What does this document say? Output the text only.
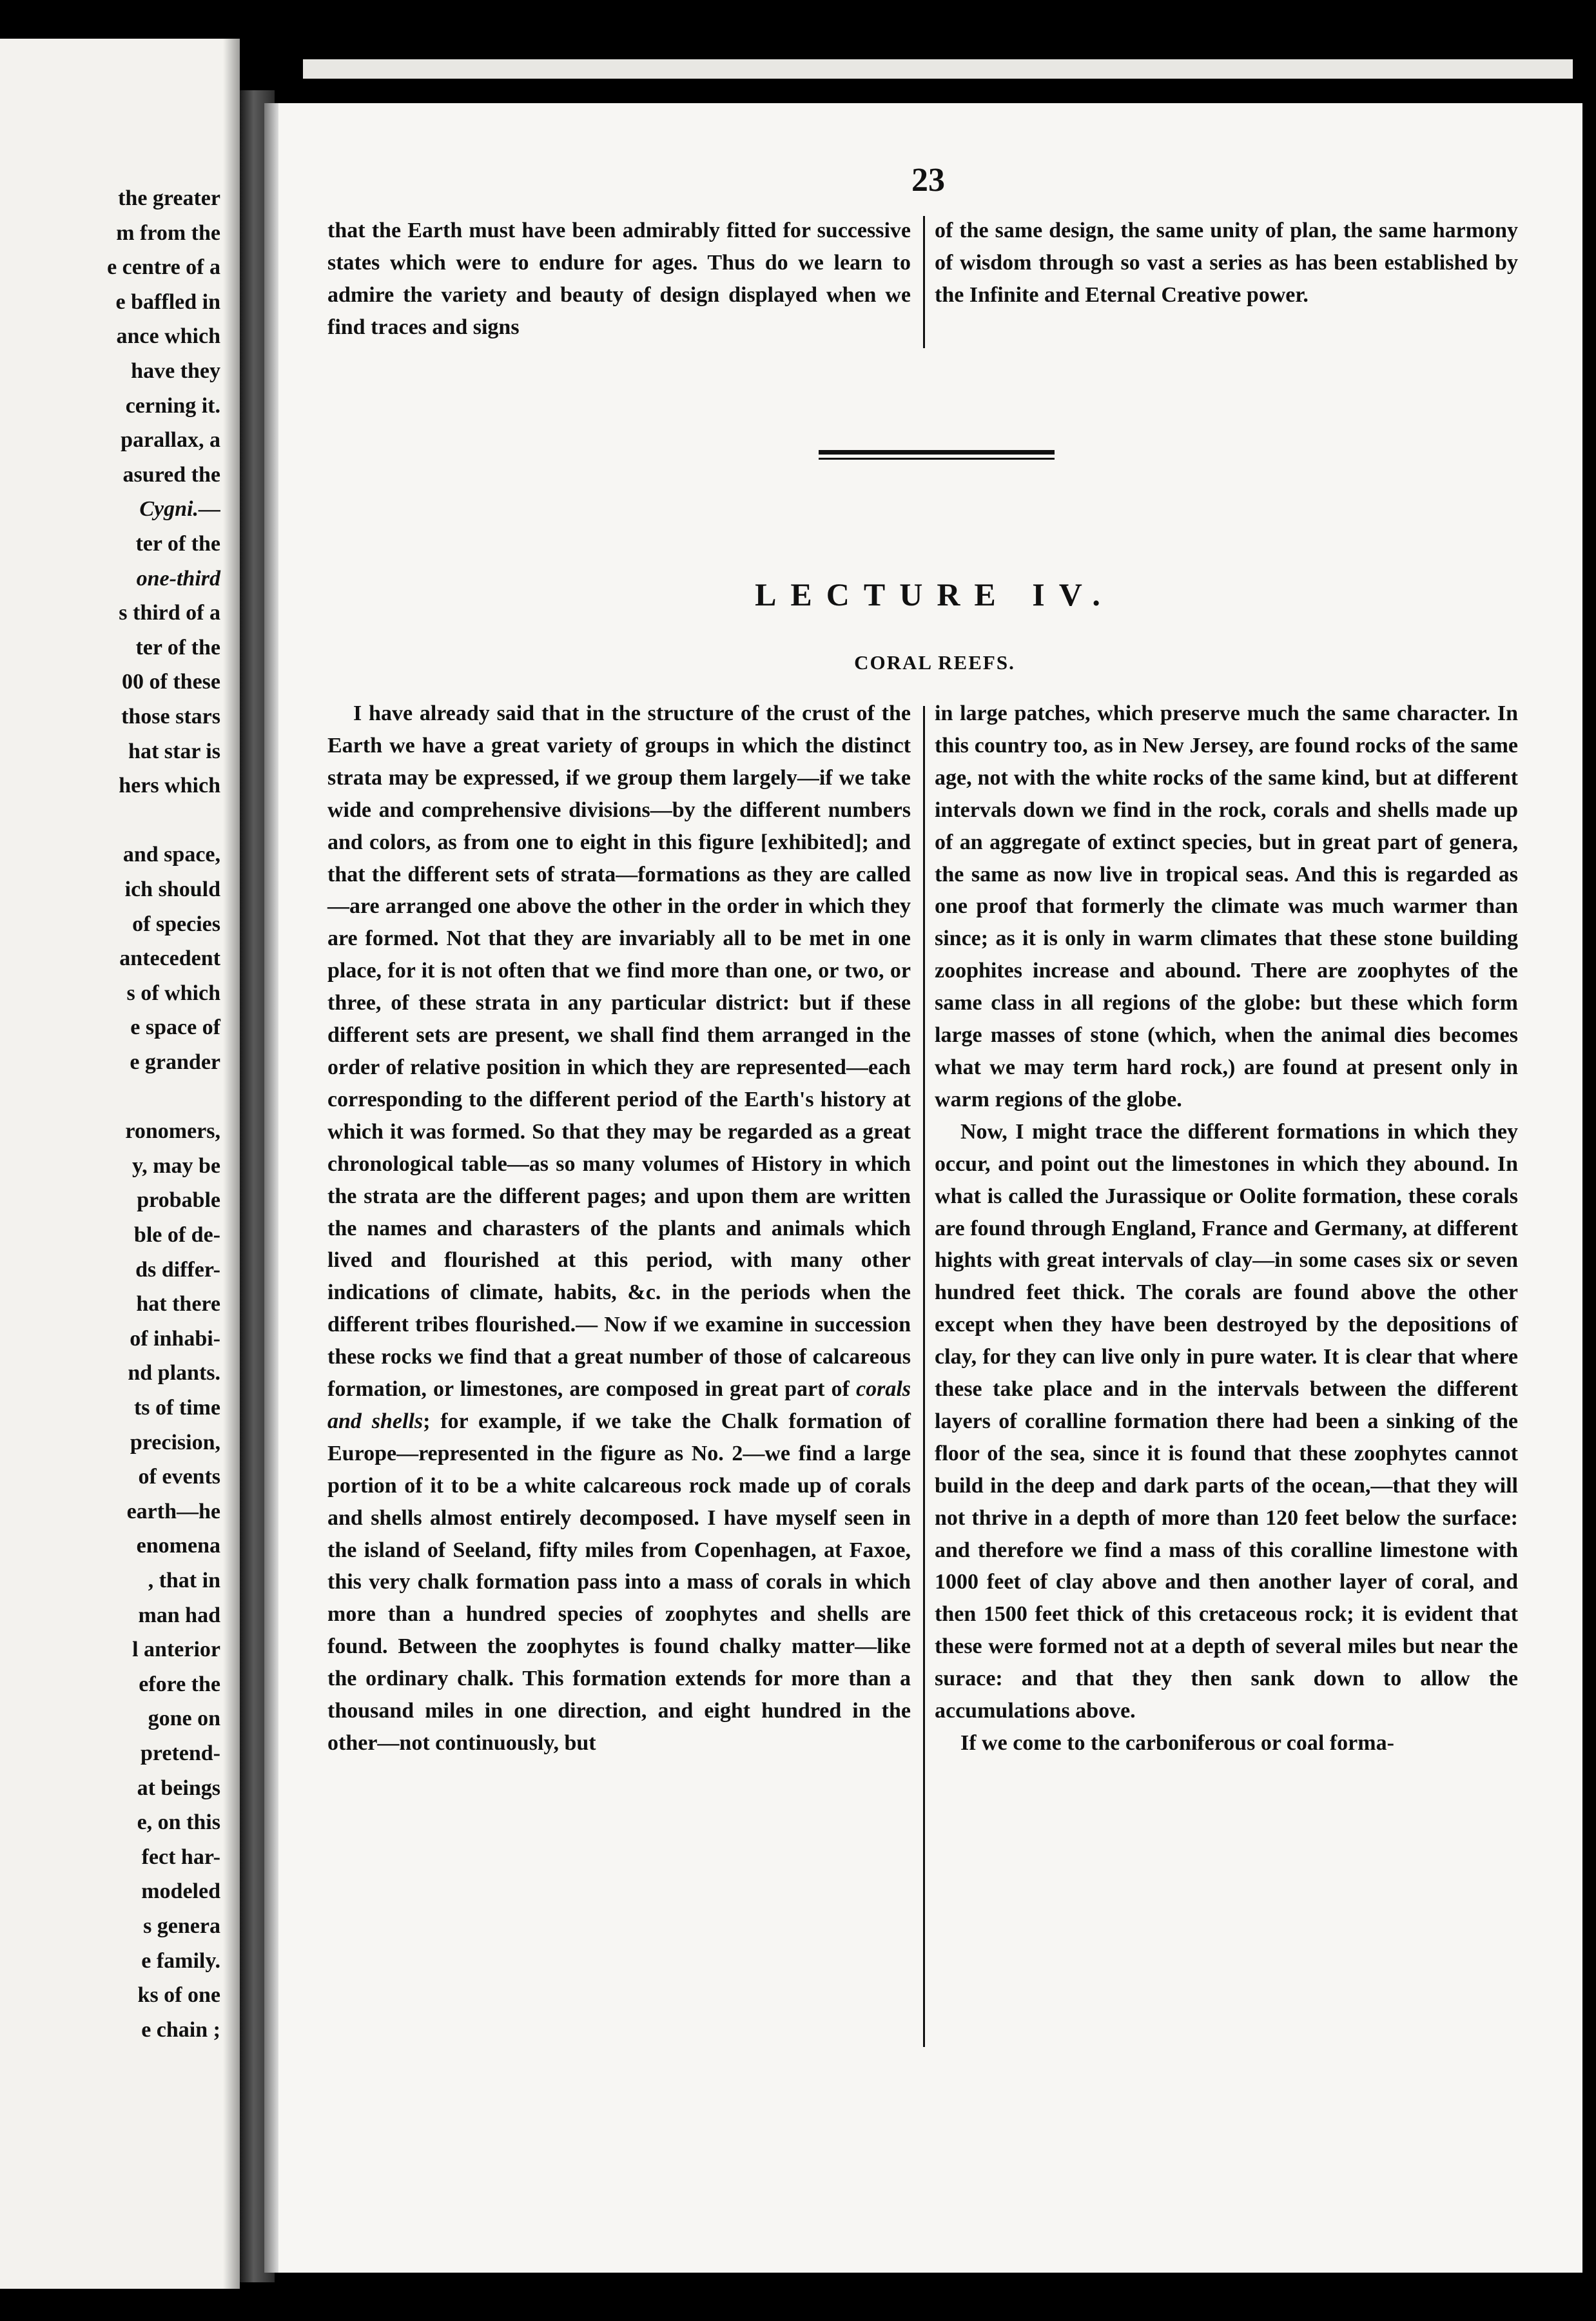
the greater
m from the
e centre of a
e baffled in
ance which
have they
cerning it.
parallax, a
asured the
Cygni.—
ter of the
one-third
s third of a
ter of the
00 of these
those stars
hat star is
hers which
and space,
ich should
of species
antecedent
s of which
e space of
e grander
ronomers,
y, may be
probable
ble of de-
ds differ-
hat there
of inhabi-
nd plants.
ts of time
precision,
of events
earth—he
enomena
, that in
man had
l anterior
efore the
gone on
pretend-
at beings
e, on this
fect har-
modeled
s genera
e family.
ks of one
e chain ;
23

that the Earth must have been admirably fitted for successive states which were to endure for ages. Thus do we learn to admire the variety and beauty of design displayed when we find traces and signs

of the same design, the same unity of plan, the same harmony of wisdom through so vast a series as has been established by the Infinite and Eternal Creative power.

LECTURE IV.
CORAL REEFS.

I have already said that in the structure of the crust of the Earth we have a great variety of groups in which the distinct strata may be expressed, if we group them largely—if we take wide and comprehensive divisions—by the different numbers and colors, as from one to eight in this figure [exhibited]; and that the different sets of strata—formations as they are called—are arranged one above the other in the order in which they are formed. Not that they are invariably all to be met in one place, for it is not often that we find more than one, or two, or three, of these strata in any particular district: but if these different sets are present, we shall find them arranged in the order of relative position in which they are represented—each corresponding to the different period of the Earth's history at which it was formed. So that they may be regarded as a great chronological table—as so many volumes of History in which the strata are the different pages; and upon them are written the names and charasters of the plants and animals which lived and flourished at this period, with many other indications of climate, habits, &c. in the periods when the different tribes flourished.— Now if we examine in succession these rocks we find that a great number of those of calcareous formation, or limestones, are composed in great part of corals and shells; for example, if we take the Chalk formation of Europe—represented in the figure as No. 2—we find a large portion of it to be a white calcareous rock made up of corals and shells almost entirely decomposed. I have myself seen in the island of Seeland, fifty miles from Copenhagen, at Faxoe, this very chalk formation pass into a mass of corals in which more than a hundred species of zoophytes and shells are found. Between the zoophytes is found chalky matter—like the ordinary chalk. This formation extends for more than a thousand miles in one direction, and eight hundred in the other—not continuously, but

in large patches, which preserve much the same character. In this country too, as in New Jersey, are found rocks of the same age, not with the white rocks of the same kind, but at different intervals down we find in the rock, corals and shells made up of an aggregate of extinct species, but in great part of genera, the same as now live in tropical seas. And this is regarded as one proof that formerly the climate was much warmer than since; as it is only in warm climates that these stone building zoophites increase and abound. There are zoophytes of the same class in all regions of the globe: but these which form large masses of stone (which, when the animal dies becomes what we may term hard rock,) are found at present only in warm regions of the globe.

Now, I might trace the different formations in which they occur, and point out the limestones in which they abound. In what is called the Jurassique or Oolite formation, these corals are found through England, France and Germany, at different hights with great intervals of clay—in some cases six or seven hundred feet thick. The corals are found above the other except when they have been destroyed by the depositions of clay, for they can live only in pure water. It is clear that where these take place and in the intervals between the different layers of coralline formation there had been a sinking of the floor of the sea, since it is found that these zoophytes cannot build in the deep and dark parts of the ocean,—that they will not thrive in a depth of more than 120 feet below the surface: and therefore we find a mass of this coralline limestone with 1000 feet of clay above and then another layer of coral, and then 1500 feet thick of this cretaceous rock; it is evident that these were formed not at a depth of several miles but near the surace: and that they then sank down to allow the accumulations above.

If we come to the carboniferous or coal forma-
